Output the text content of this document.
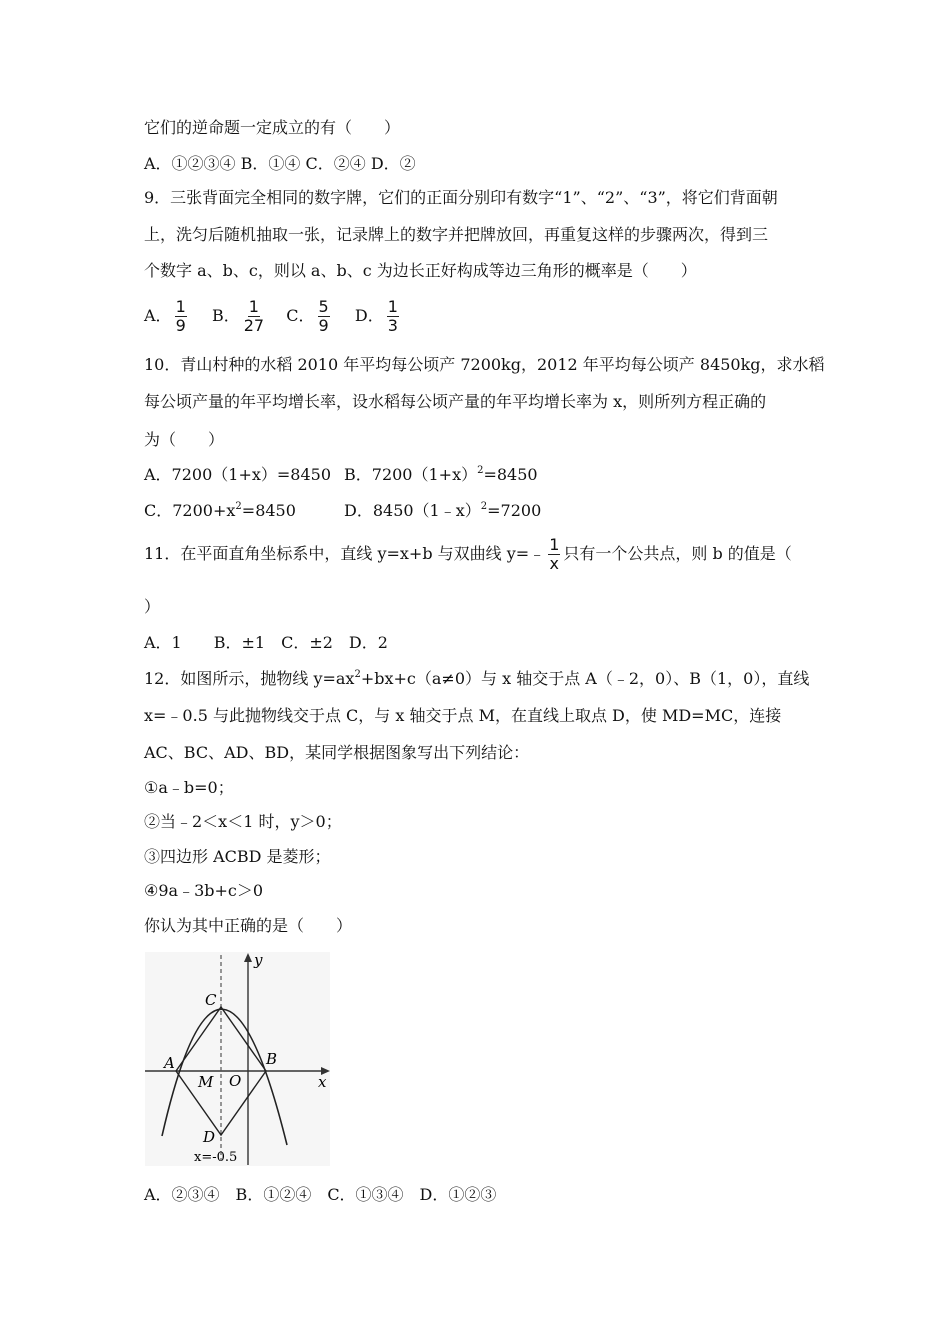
它们的逆命题一定成立的有（　　）
A．①②③④ B．①④ C．②④ D．②
9．三张背面完全相同的数字牌，它们的正面分别印有数字“1”、“2”、“3”，将它们背面朝
上，洗匀后随机抽取一张，记录牌上的数字并把牌放回，再重复这样的步骤两次，得到三
个数字 a、b、c，则以 a、b、c 为边长正好构成等边三角形的概率是（　　）
A． $\frac{1}{9}$ B． $\frac{1}{27}$ C． $\frac{5}{9}$ D． $\frac{1}{3}$
10．青山村种的水稻 2010 年平均每公顷产 7200kg，2012 年平均每公顷产 8450kg，求水稻
每公顷产量的年平均增长率，设水稻每公顷产量的年平均增长率为 x，则所列方程正确的
为（　　）
A．7200（1+x）=8450 B．$7200(1+x)^2=8450$
C．$7200+x^2=8450$	D．8450（1﹣x）$^2$=7200
11．在平面直角坐标系中，直线 y=x+b 与双曲线 y=﹣ $\frac{1}{x}$ 只有一个公共点，则 b 的值是（
）
A．1　　B．±1　C．±2　D．2
12．如图所示，抛物线 $y=ax^2+bx+c(a\ne 0)$与 x 轴交于点 A（﹣2，0）、B（1，0），直线
x=﹣0.5 与此抛物线交于点 C，与 x 轴交于点 M，在直线上取点 D，使 MD=MC，连接
AC、BC、AD、BD，某同学根据图象写出下列结论：
①a﹣b=0；
②当﹣2＜x＜1 时，y＞0；
③四边形 ACBD 是菱形；
④9a﹣3b+c＞0
你认为其中正确的是（　　）
y
x
C
A	B
M O
D
x=-0.5
A．②③④　B．①②④　C．①③④　D．①②③
